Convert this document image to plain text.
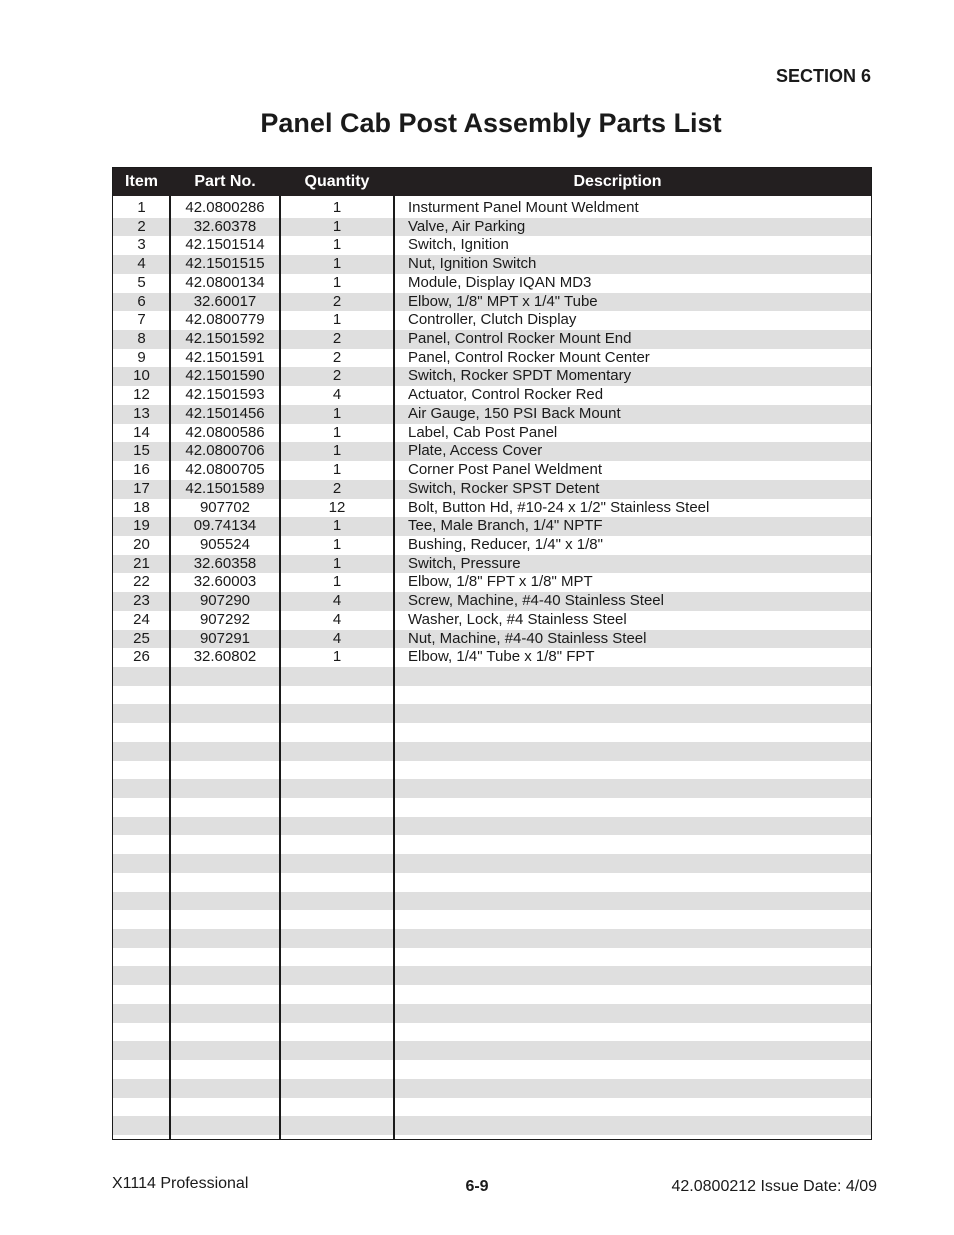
SECTION 6
Panel Cab Post Assembly Parts List
Item	Part No.	Quantity	Description
1	42.0800286	1	Insturment Panel Mount Weldment
2	32.60378	1	Valve, Air Parking
3	42.1501514	1	Switch, Ignition
4	42.1501515	1	Nut, Ignition Switch
5	42.0800134	1	Module, Display IQAN MD3
6	32.60017	2	Elbow, 1/8" MPT x 1/4" Tube
7	42.0800779	1	Controller, Clutch Display
8	42.1501592	2	Panel, Control Rocker Mount End
9	42.1501591	2	Panel, Control Rocker Mount Center
10	42.1501590	2	Switch, Rocker SPDT Momentary
12	42.1501593	4	Actuator, Control Rocker Red
13	42.1501456	1	Air Gauge, 150 PSI Back Mount
14	42.0800586	1	Label, Cab Post Panel
15	42.0800706	1	Plate, Access Cover
16	42.0800705	1	Corner Post Panel Weldment
17	42.1501589	2	Switch, Rocker SPST Detent
18	907702	12	Bolt, Button Hd, #10-24 x 1/2" Stainless Steel
19	09.74134	1	Tee, Male Branch, 1/4" NPTF
20	905524	1	Bushing, Reducer, 1/4" x 1/8"
21	32.60358	1	Switch, Pressure
22	32.60003	1	Elbow, 1/8" FPT x 1/8" MPT
23	907290	4	Screw, Machine, #4-40 Stainless Steel
24	907292	4	Washer, Lock, #4 Stainless Steel
25	907291	4	Nut, Machine, #4-40 Stainless Steel
26	32.60802	1	Elbow, 1/4" Tube x 1/8" FPT
X1114 Professional	6-9	42.0800212 Issue Date: 4/09
